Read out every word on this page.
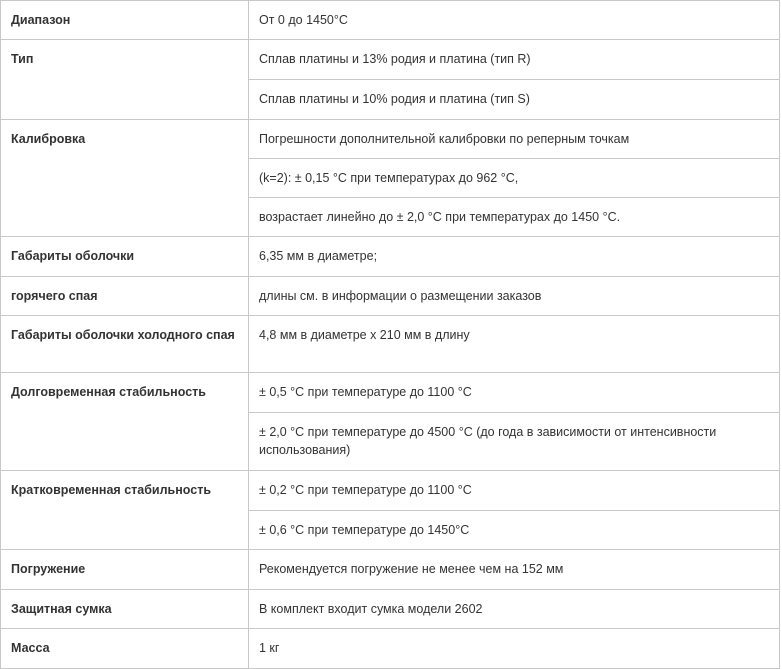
Диапазон	От 0 до 1450°C
Тип	Сплав платины и 13% родия и платина (тип R)
	Сплав платины и 10% родия и платина (тип S)
Калибровка	Погрешности дополнительной калибровки по реперным точкам
	(k=2): ± 0,15 °C при температурах до 962 °C,
	возрастает линейно до ± 2,0 °C при температурах до 1450 °C.
Габариты оболочки	6,35 мм в диаметре;
горячего спая	длины см. в информации о размещении заказов
Габариты оболочки холодного спая	4,8 мм в диаметре х 210 мм в длину
Долговременная стабильность	± 0,5 °C при температуре до 1100 °C
	± 2,0 °C при температуре до 4500 °C (до года в зависимости от интенсивности использования)
Кратковременная стабильность	± 0,2 °C при температуре до 1100 °C
	± 0,6 °C при температуре до 1450°C
Погружение	Рекомендуется погружение не менее чем на 152 мм
Защитная сумка	В комплект входит сумка модели 2602
Масса	1 кг
